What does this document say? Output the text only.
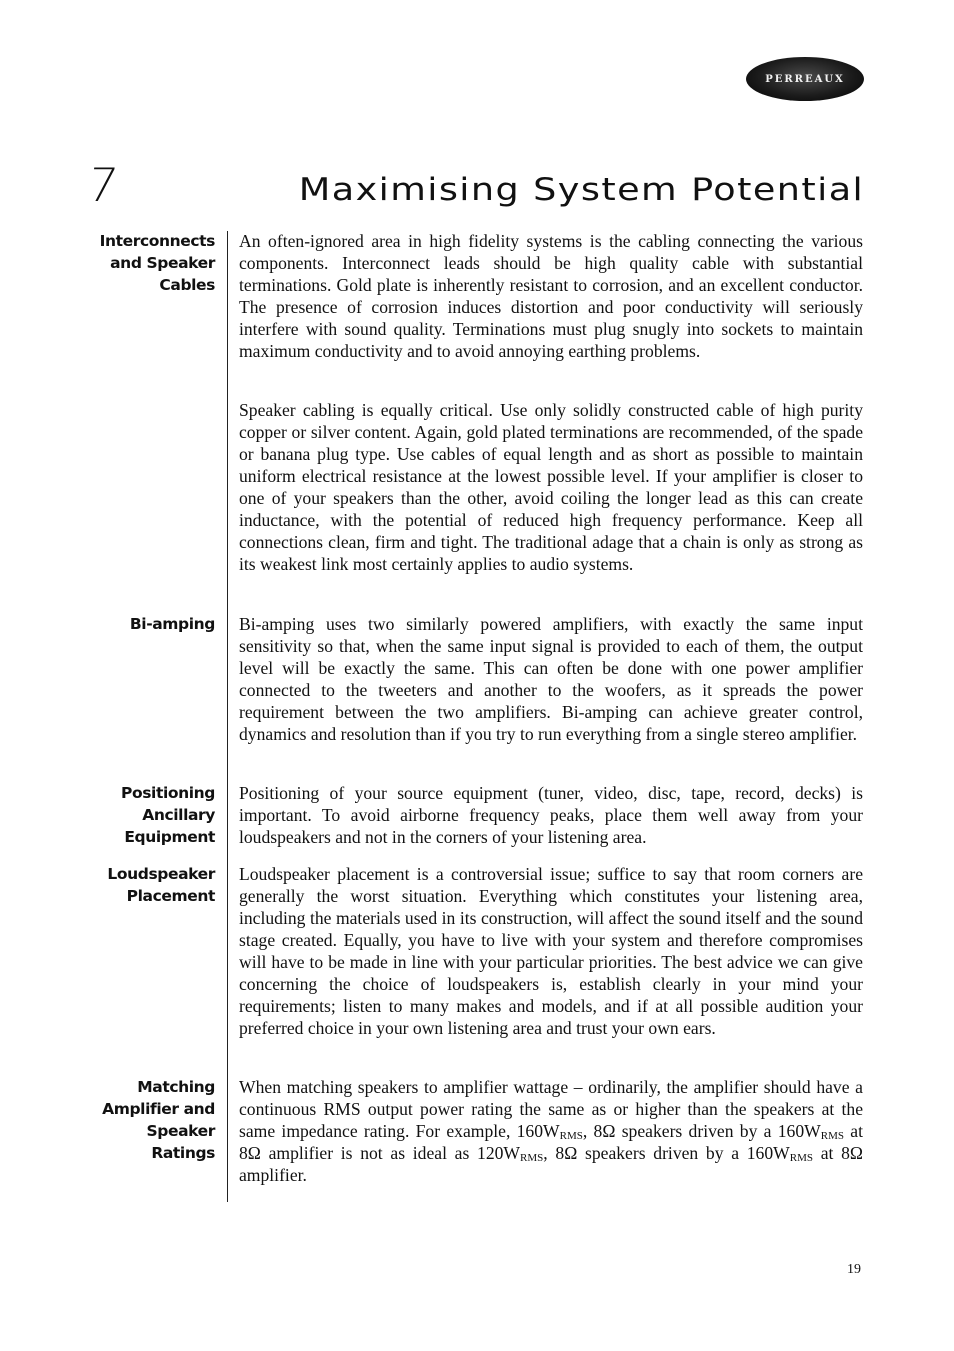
PERREAUX
7	Maximising System Potential
Interconnects
and Speaker
Cables

An often-ignored area in high fidelity systems is the cabling connecting the various components. Interconnect leads should be high quality cable with substantial terminations. Gold plate is inherently resistant to corrosion, and an excellent conductor. The presence of corrosion induces distortion and poor conductivity will seriously interfere with sound quality. Terminations must plug snugly into sockets to maintain maximum conductivity and to avoid annoying earthing problems.

Speaker cabling is equally critical. Use only solidly constructed cable of high purity copper or silver content. Again, gold plated terminations are recommended, of the spade or banana plug type. Use cables of equal length and as short as possible to maintain uniform electrical resistance at the lowest possible level. If your amplifier is closer to one of your speakers than the other, avoid coiling the longer lead as this can create inductance, with the potential of reduced high frequency performance. Keep all connections clean, firm and tight. The traditional adage that a chain is only as strong as its weakest link most certainly applies to audio systems.

Bi-amping Bi-amping uses two similarly powered amplifiers, with exactly the same input sensitivity so that, when the same input signal is provided to each of them, the output level will be exactly the same. This can often be done with one power amplifier connected to the tweeters and another to the woofers, as it spreads the power requirement between the two amplifiers. Bi-amping can achieve greater control, dynamics and resolution than if you try to run everything from a single stereo amplifier.

Positioning
Ancillary
Equipment

Positioning of your source equipment (tuner, video, disc, tape, record, decks) is important. To avoid airborne frequency peaks, place them well away from your loudspeakers and not in the corners of your listening area.

Loudspeaker
Placement

Loudspeaker placement is a controversial issue; suffice to say that room corners are generally the worst situation. Everything which constitutes your listening area, including the materials used in its construction, will affect the sound itself and the sound stage created. Equally, you have to live with your system and therefore compromises will have to be made in line with your particular priorities. The best advice we can give concerning the choice of loudspeakers is, establish clearly in your mind your requirements; listen to many makes and models, and if at all possible audition your preferred choice in your own listening area and trust your own ears.

Matching
Amplifier and
Speaker
Ratings

When matching speakers to amplifier wattage – ordinarily, the amplifier should have a continuous RMS output power rating the same as or higher than the speakers at the same impedance rating. For example, $160W_{RMS}$, 8Ω speakers driven by a $160W_{RMS}$ at 8Ω amplifier is not as ideal as $120W_{RMS}$, 8Ω speakers driven by a $160W_{RMS}$ at 8Ω amplifier.

19
